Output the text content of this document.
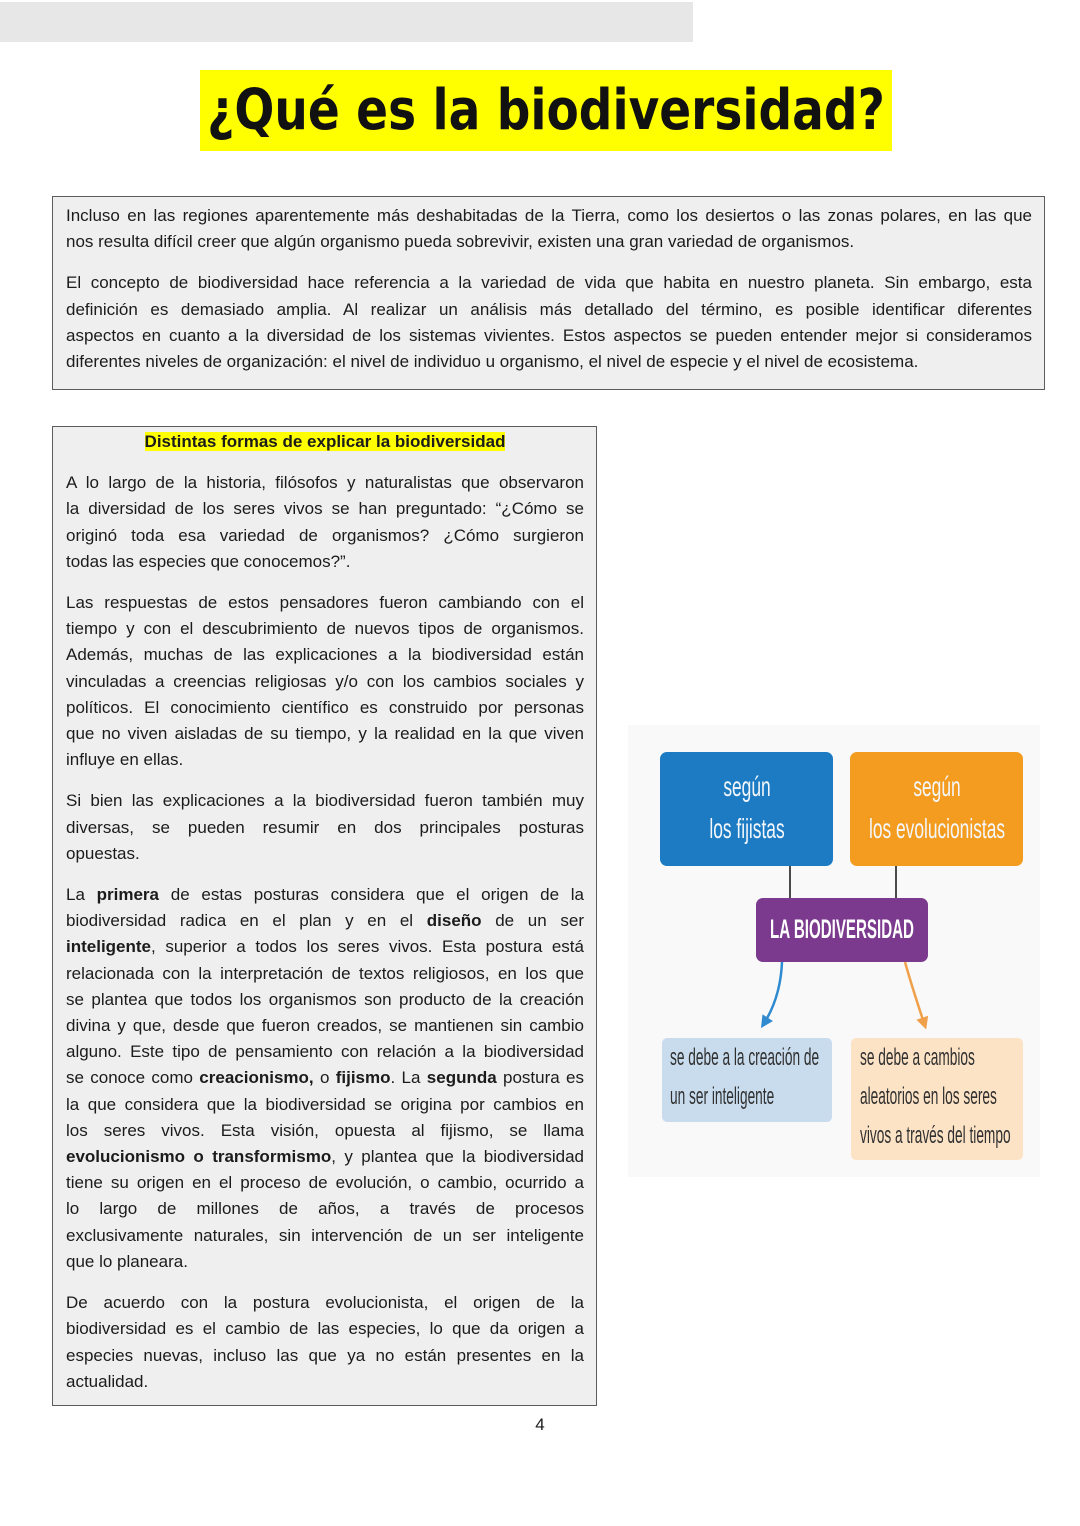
¿Qué es la biodiversidad?
Incluso en las regiones aparentemente más deshabitadas de la Tierra, como los desiertos o las zonas polares, en las que
nos resulta difícil creer que algún organismo pueda sobrevivir, existen una gran variedad de organismos.
El concepto de biodiversidad hace referencia a la variedad de vida que habita en nuestro planeta. Sin embargo, esta
definición es demasiado amplia. Al realizar un análisis más detallado del término, es posible identificar diferentes
aspectos en cuanto a la diversidad de los sistemas vivientes. Estos aspectos se pueden entender mejor si consideramos
diferentes niveles de organización: el nivel de individuo u organismo, el nivel de especie y el nivel de ecosistema.
Distintas formas de explicar la biodiversidad
A lo largo de la historia, filósofos y naturalistas que observaron
la diversidad de los seres vivos se han preguntado: “¿Cómo se
originó toda esa variedad de organismos? ¿Cómo surgieron
todas las especies que conocemos?”.
Las respuestas de estos pensadores fueron cambiando con el
tiempo y con el descubrimiento de nuevos tipos de organismos.
Además, muchas de las explicaciones a la biodiversidad están
vinculadas a creencias religiosas y/o con los cambios sociales y
políticos. El conocimiento científico es construido por personas
que no viven aisladas de su tiempo, y la realidad en la que viven
influye en ellas.
Si bien las explicaciones a la biodiversidad fueron también muy
diversas, se pueden resumir en dos principales posturas
opuestas.
La primera de estas posturas considera que el origen de la
biodiversidad radica en el plan y en el diseño de un ser
inteligente, superior a todos los seres vivos. Esta postura está
relacionada con la interpretación de textos religiosos, en los que
se plantea que todos los organismos son producto de la creación
divina y que, desde que fueron creados, se mantienen sin cambio
alguno. Este tipo de pensamiento con relación a la biodiversidad
se conoce como creacionismo, o fijismo. La segunda postura es
la que considera que la biodiversidad se origina por cambios en
los seres vivos. Esta visión, opuesta al fijismo, se llama
evolucionismo o transformismo, y plantea que la biodiversidad
tiene su origen en el proceso de evolución, o cambio, ocurrido a
lo largo de millones de años, a través de procesos
exclusivamente naturales, sin intervención de un ser inteligente
que lo planeara.
De acuerdo con la postura evolucionista, el origen de la
biodiversidad es el cambio de las especies, lo que da origen a
especies nuevas, incluso las que ya no están presentes en la
actualidad.
según
los fijistas
según
los evolucionistas
LA BIODIVERSIDAD
se debe a la creación de
un ser inteligente
se debe a cambios
aleatorios en los seres
vivos a través del tiempo
4
